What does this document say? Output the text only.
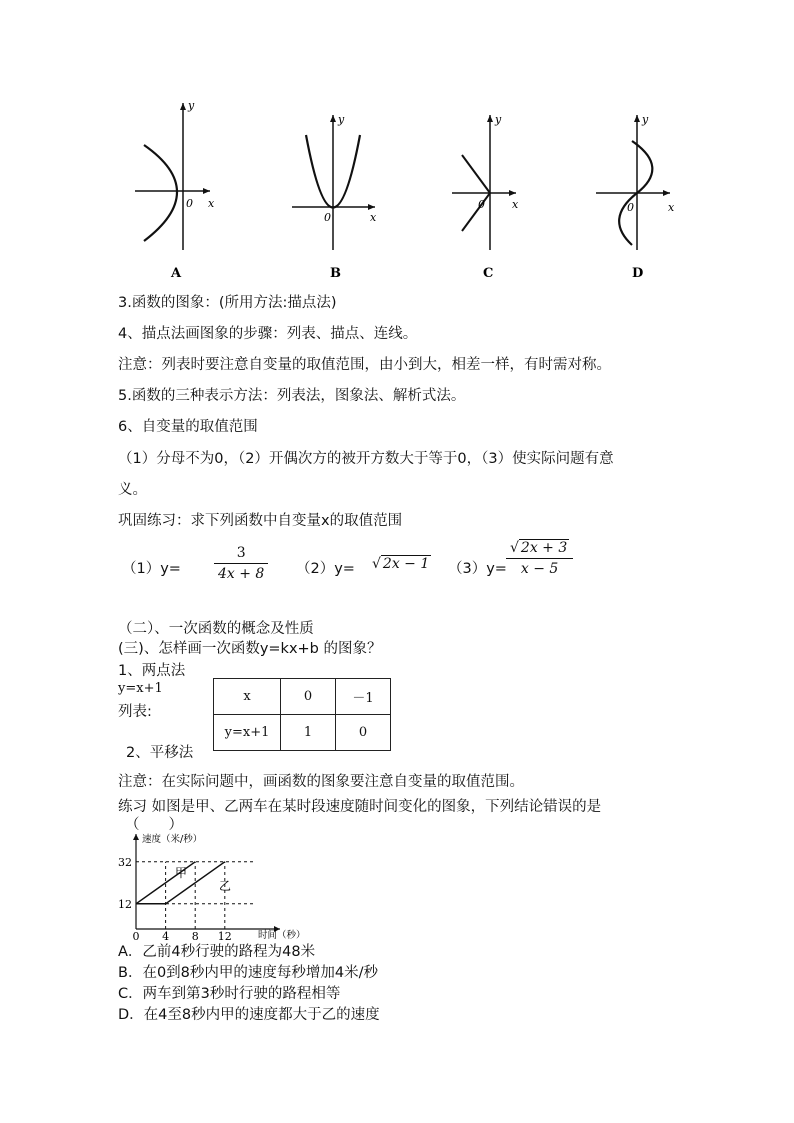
y
x
0
y
x
0
y
x
0
y
x
0
A	B	C	D
3.函数的图象：(所用方法:描点法)
4、描点法画图象的步骤：列表、描点、连线。
注意：列表时要注意自变量的取值范围，由小到大，相差一样，有时需对称。
5.函数的三种表示方法：列表法，图象法、解析式法。
6、自变量的取值范围
（1）分母不为0，（2）开偶次方的被开方数大于等于0，（3）使实际问题有意
义。
巩固练习：求下列函数中自变量x的取值范围
$(1)y= \frac{3}{4x + 8} (2)y=$ √ 2x − 1 $(3)y= \frac{√ 2x + 3}{x - 5}$
（二）、一次函数的概念及性质
(三)、怎样画一次函数y=kx+b 的图象？
1、两点法
y=x+1
列表:
x	0	－1
y=x+1	1	0
2、平移法
注意：在实际问题中，画函数的图象要注意自变量的取值范围。
练习 如图是甲、乙两车在某时段速度随时间变化的图象，下列结论错误的是
（　　）
速度（米/秒）
时间（秒）
甲
乙
12
32
0 4 8 12
A．乙前4秒行驶的路程为48米
B．在0到8秒内甲的速度每秒增加4米/秒
C．两车到第3秒时行驶的路程相等
D．在4至8秒内甲的速度都大于乙的速度
